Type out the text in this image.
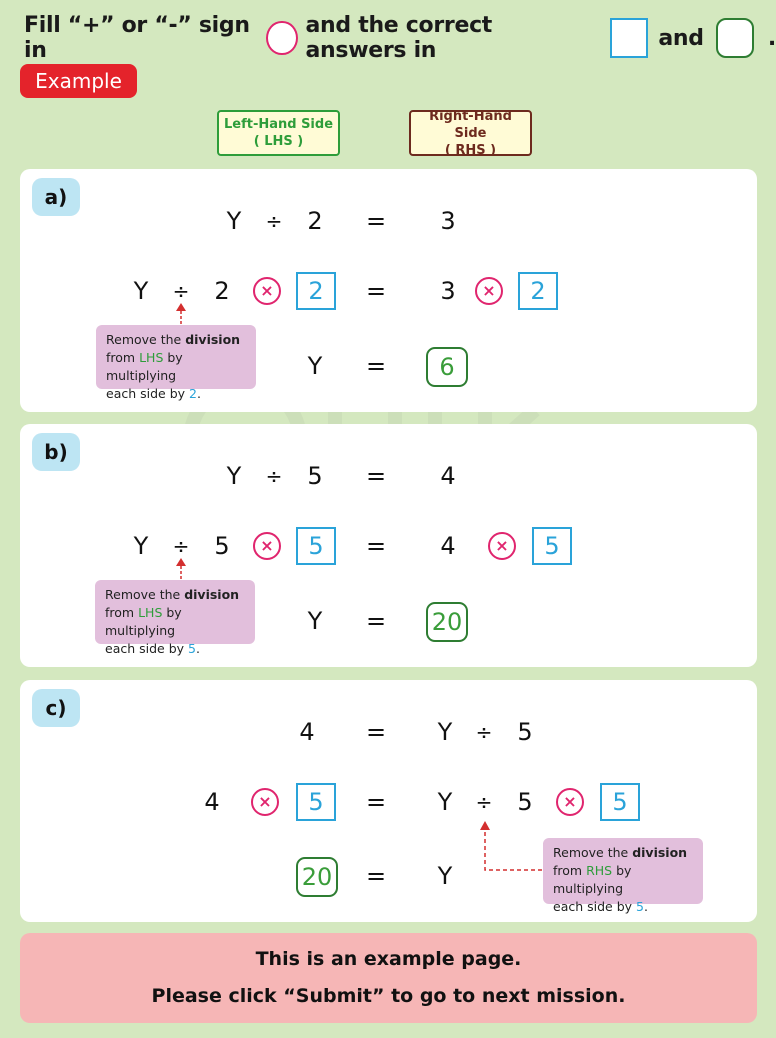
Fill “+” or “-” sign in
and the correct answers in	and	.
Example
Left-Hand Side
( LHS )
Right-Hand Side
( RHS )
a)
Y ÷ 2 = 3
Y ÷ 2	×	2	= 3	×	2
Remove the division
from LHS by multiplying
each side by 2.
Y =	6
b)
Y ÷ 5 = 4
Y ÷ 5	×	5	= 4	×	5
Remove the division
from LHS by multiplying
each side by 5.
Y = 20
c)
4 = Y ÷ 5
4	×	5	= Y ÷ 5	×	5
Remove the division
from RHS by multiplying
each side by 5.
20 = Y
This is an example page.
Please click “Submit” to go to next mission.
